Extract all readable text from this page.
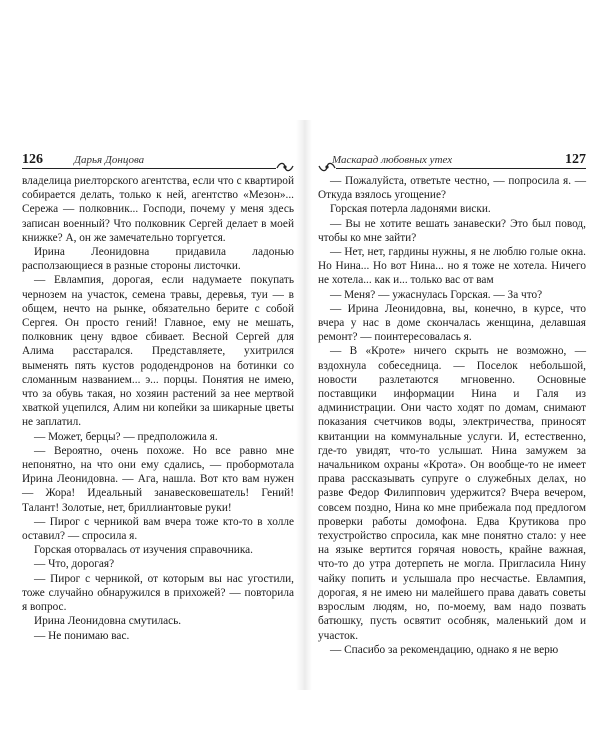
126	Дарья Донцова

владелица риелторского агентства, если что с квартирой собирается делать, только к ней, агентство «Мезон»... Сережа — полковник... Господи, почему у меня здесь записан военный? Что полковник Сергей делает в моей книжке? А, он же замечательно торгуется.

Ирина Леонидовна придавила ладонью расползающиеся в разные стороны листочки.

— Евлампия, дорогая, если надумаете покупать чернозем на участок, семена травы, деревья, туи — в общем, нечто на рынке, обязательно берите с собой Сергея. Он просто гений! Главное, ему не мешать, полковник цену вдвое сбивает. Весной Сергей для Алима расстарался. Представляете, ухитрился выменять пять кустов рододендронов на ботинки со сломанным названием... э... порцы. Понятия не имею, что за обувь такая, но хозяин растений за нее мертвой хваткой уцепился, Алим ни копейки за шикарные цветы не заплатил.

— Может, берцы? — предположила я.

— Вероятно, очень похоже. Но все равно мне непонятно, на что они ему сдались, — пробормотала Ирина Леонидовна. — Ага, нашла. Вот кто вам нужен — Жора! Идеальный занавесковешатель! Гений! Талант! Золотые, нет, бриллиантовые руки!

— Пирог с черникой вам вчера тоже кто-то в холле оставил? — спросила я.

Горская оторвалась от изучения справочника.

— Что, дорогая?

— Пирог с черникой, от которым вы нас угостили, тоже случайно обнаружился в прихожей? — повторила я вопрос.

Ирина Леонидовна смутилась.

— Не понимаю вас.

Маскарад любовных утех	127

— Пожалуйста, ответьте честно, — попросила я. — Откуда взялось угощение?

Горская потерла ладонями виски.

— Вы не хотите вешать занавески? Это был повод, чтобы ко мне зайти?

— Нет, нет, гардины нужны, я не люблю голые окна. Но Нина... Но вот Нина... но я тоже не хотела. Ничего не хотела... как и... только вас от вам

— Меня? — ужаснулась Горская. — За что?

— Ирина Леонидовна, вы, конечно, в курсе, что вчера у нас в доме скончалась женщина, делавшая ремонт? — поинтересовалась я.

— В «Кроте» ничего скрыть не возможно, — вздохнула собеседница. — Поселок небольшой, новости разлетаются мгновенно. Основные поставщики информации Нина и Галя из администрации. Они часто ходят по домам, снимают показания счетчиков воды, электричества, приносят квитанции на коммунальные услуги. И, естественно, где-то увидят, что-то услышат. Нина замужем за начальником охраны «Крота». Он вообще-то не имеет права рассказывать супруге о служебных делах, но разве Федор Филиппович удержится? Вчера вечером, совсем поздно, Нина ко мне прибежала под предлогом проверки работы домофона. Едва Крутикова про техустройство спросила, как мне понятно стало: у нее на языке вертится горячая новость, крайне важная, что-то до утра дотерпеть не могла. Пригласила Нину чайку попить и услышала про несчастье. Евлампия, дорогая, я не имею ни малейшего права давать советы взрослым людям, но, по-моему, вам надо позвать батюшку, пусть освятит особняк, маленький дом и участок.

— Спасибо за рекомендацию, однако я не верю
